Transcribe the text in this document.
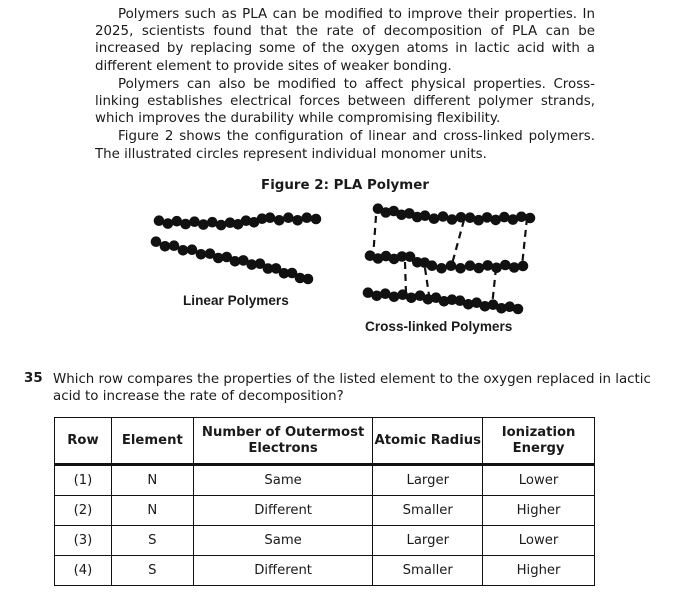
Polymers such as PLA can be modified to improve their properties. In 2025, scientists found that the rate of decomposition of PLA can be increased by replacing some of the oxygen atoms in lactic acid with a different element to provide sites of weaker bonding.

Polymers can also be modified to affect physical properties. Cross-linking establishes electrical forces between different polymer strands, which improves the durability while compromising flexibility.

Figure 2 shows the configuration of linear and cross-linked polymers. The illustrated circles represent individual monomer units.

Figure 2: PLA Polymer
Linear Polymers
Cross-linked Polymers
35 Which row compares the properties of the listed element to the oxygen replaced in lactic acid to increase the rate of decomposition?
Row	Element	Number of Outermost Electrons	Atomic Radius	Ionization Energy
(1)	N	Same	Larger	Lower
(2)	N	Different	Smaller	Higher
(3)	S	Same	Larger	Lower
(4)	S	Different	Smaller	Higher
